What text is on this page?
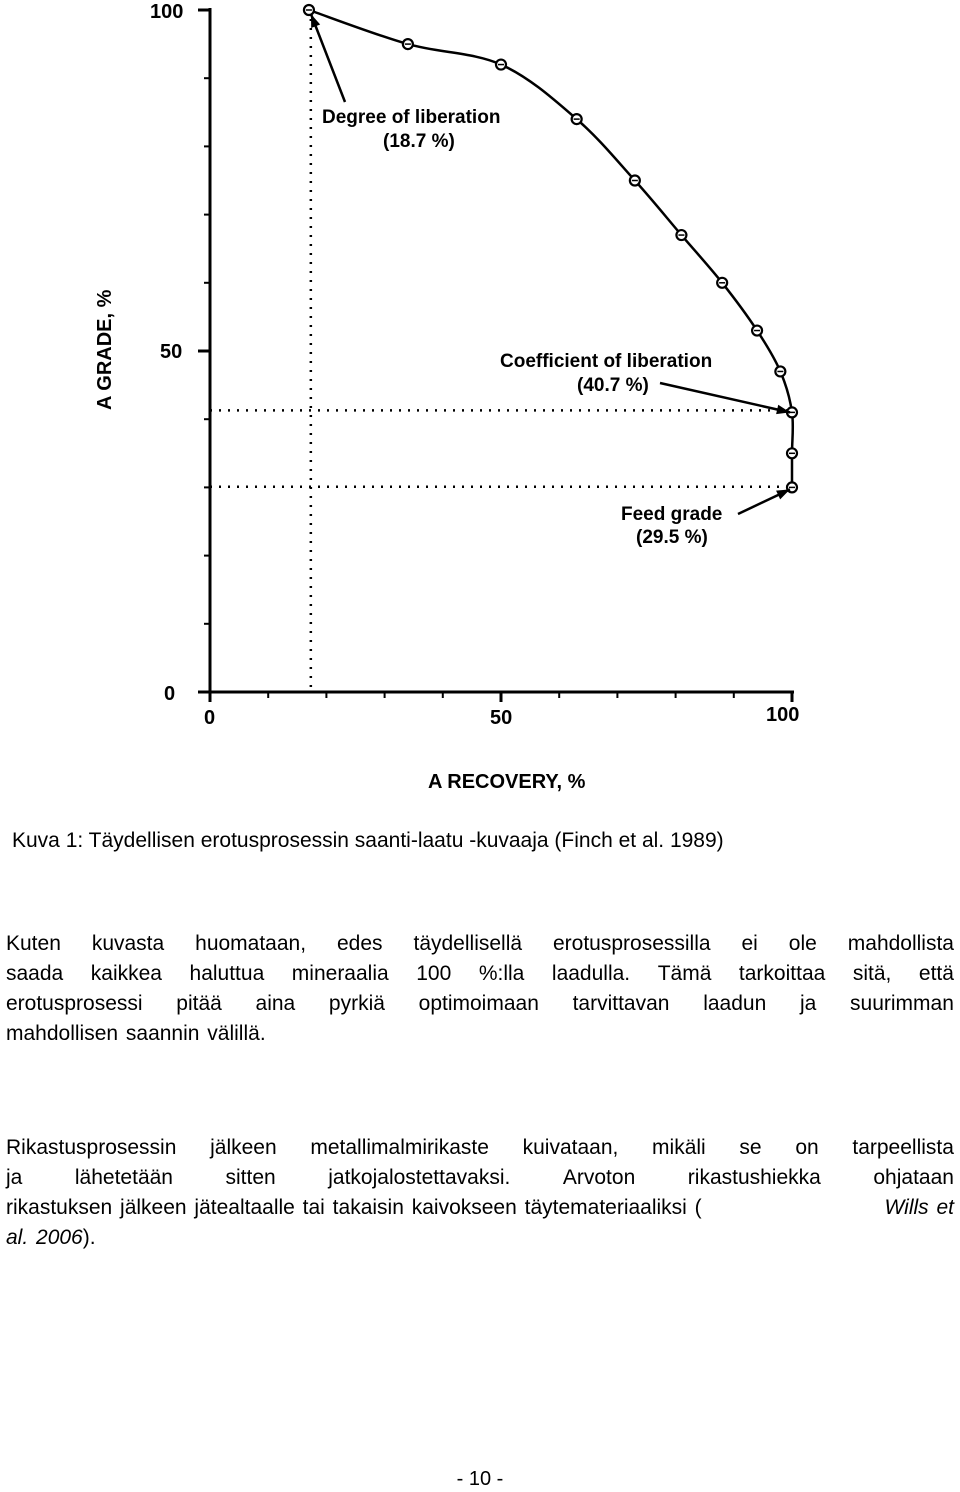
0
50
100
0	50	100
A RECOVERY, %
A GRADE, %
Degree of liberation
(18.7 %)
Coefficient of liberation
(40.7 %)
Feed grade
(29.5 %)
Kuva 1: Täydellisen erotusprosessin saanti-laatu -kuvaaja (Finch et al. 1989)
Kuten kuvasta huomataan, edes täydellisellä erotusprosessilla ei ole mahdollista
saada kaikkea haluttua mineraalia 100 %:lla laadulla. Tämä tarkoittaa sitä, että
erotusprosessi pitää aina pyrkiä optimoimaan tarvittavan laadun ja suurimman
mahdollisen saannin välillä.
Rikastusprosessin jälkeen metallimalmirikaste kuivataan, mikäli se on tarpeellista
ja	lähetetään	sitten	jatkojalostettavaksi.	Arvoton	rikastushiekka	ohjataan
rikastuksen jälkeen jätealtaalle tai takaisin kaivokseen täytemateriaaliksi (	Wills et
al. 2006).
- 10 -
